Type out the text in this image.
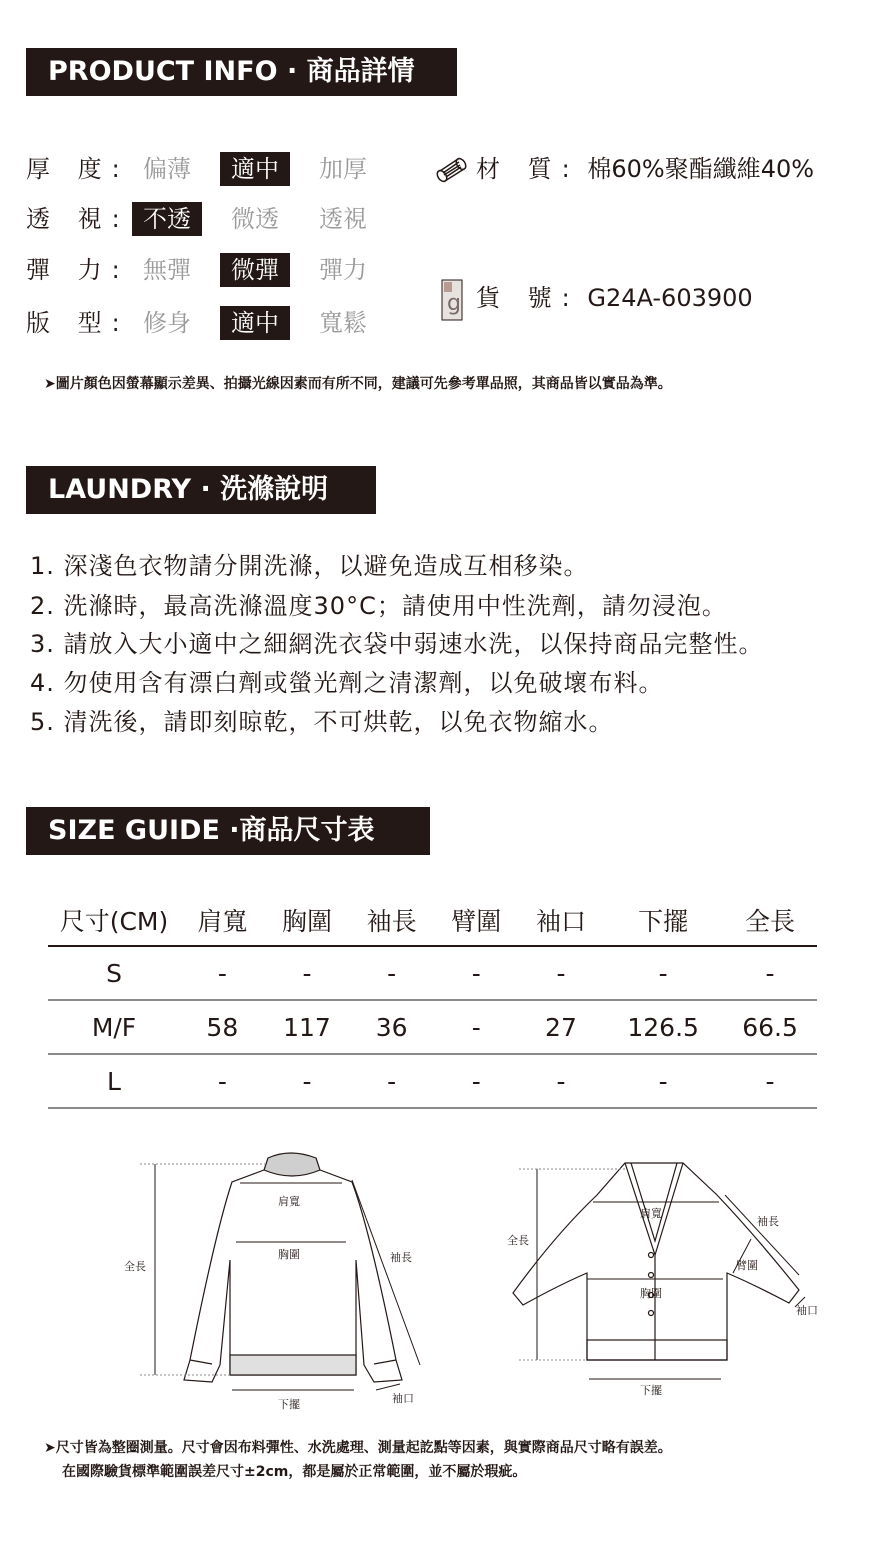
PRODUCT INFO · 商品詳情
厚 度: 偏薄	適中	加厚
透 視: 不透	微透	透視
彈 力: 無彈	微彈	彈力
版 型: 修身	適中	寬鬆
材 質: 棉60%聚酯纖維40%
g 貨 號: G24A-603900
➤圖片顏色因螢幕顯示差異、拍攝光線因素而有所不同，建議可先參考單品照，其商品皆以實品為準。
LAUNDRY · 洗滌說明
1. 深淺色衣物請分開洗滌，以避免造成互相移染。
2. 洗滌時，最高洗滌溫度30°C；請使用中性洗劑，請勿浸泡。
3. 請放入大小適中之細網洗衣袋中弱速水洗，以保持商品完整性。
4. 勿使用含有漂白劑或螢光劑之清潔劑，以免破壞布料。
5. 清洗後，請即刻晾乾，不可烘乾，以免衣物縮水。
SIZE GUIDE ·商品尺寸表
尺寸(CM)	肩寬	胸圍	袖長	臂圍	袖口	下擺	全長
S	-	-	-	-	-	-	-
M/F	58	117	36	-	27	126.5	66.5
L	-	-	-	-	-	-	-
肩寬
胸圍
全長
袖長
下擺	袖口
肩寬
胸圍
全長
袖長
臂圍
下擺
袖口
➤尺寸皆為整圈測量。尺寸會因布料彈性、水洗處理、測量起訖點等因素，與實際商品尺寸略有誤差。
在國際驗貨標準範圍誤差尺寸±2cm，都是屬於正常範圍，並不屬於瑕疵。
